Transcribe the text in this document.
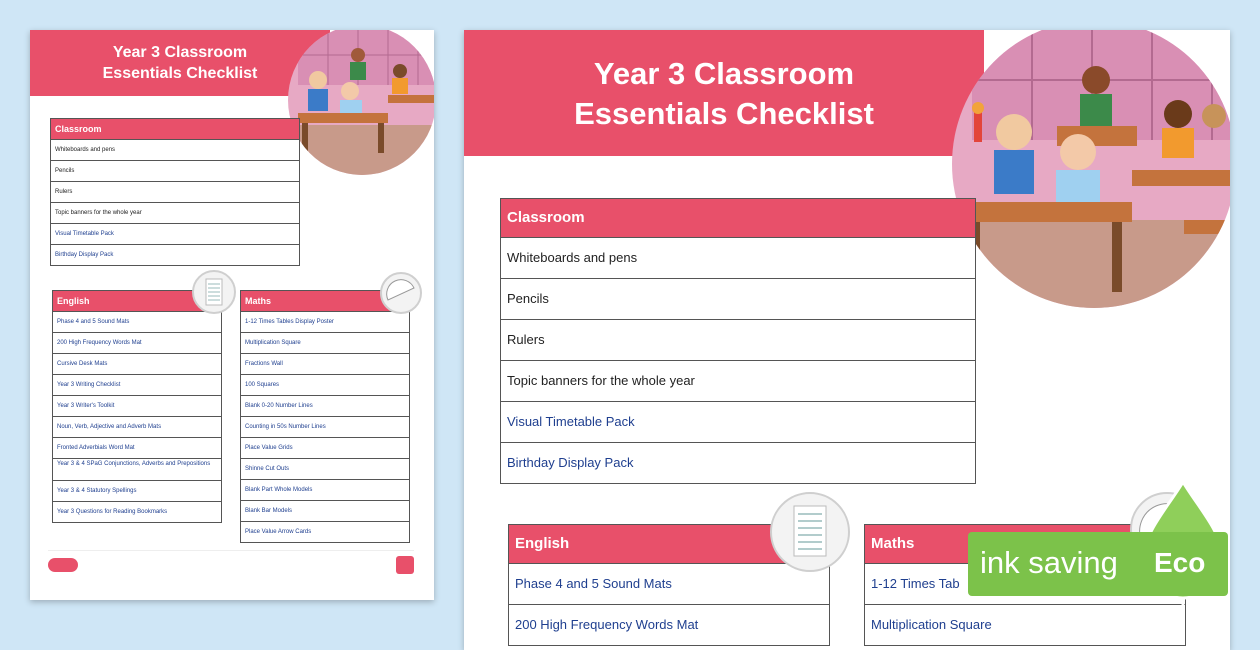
Year 3 Classroom
Essentials Checklist
Classroom
Whiteboards and pens
Pencils
Rulers
Topic banners for the whole year
Visual Timetable Pack
Birthday Display Pack
English
Phase 4 and 5 Sound Mats
200 High Frequency Words Mat
Cursive Desk Mats
Year 3 Writing Checklist
Year 3 Writer's Toolkit
Noun, Verb, Adjective and Adverb Mats
Fronted Adverbials Word Mat
Year 3 & 4 SPaG Conjunctions, Adverbs and Prepositions
Year 3 & 4 Statutory Spellings
Year 3 Questions for Reading Bookmarks
Maths
1-12 Times Tables Display Poster
Multiplication Square
Fractions Wall
100 Squares
Blank 0-20 Number Lines
Counting in 50s Number Lines
Place Value Grids
Shinne Cut Outs
Blank Part Whole Models
Blank Bar Models
Place Value Arrow Cards
Year 3 Classroom
Essentials Checklist
Classroom
Whiteboards and pens
Pencils
Rulers
Topic banners for the whole year
Visual Timetable Pack
Birthday Display Pack
English
Phase 4 and 5 Sound Mats
200 High Frequency Words Mat
Maths
1-12 Times Tab
Multiplication Square
ink saving Eco
